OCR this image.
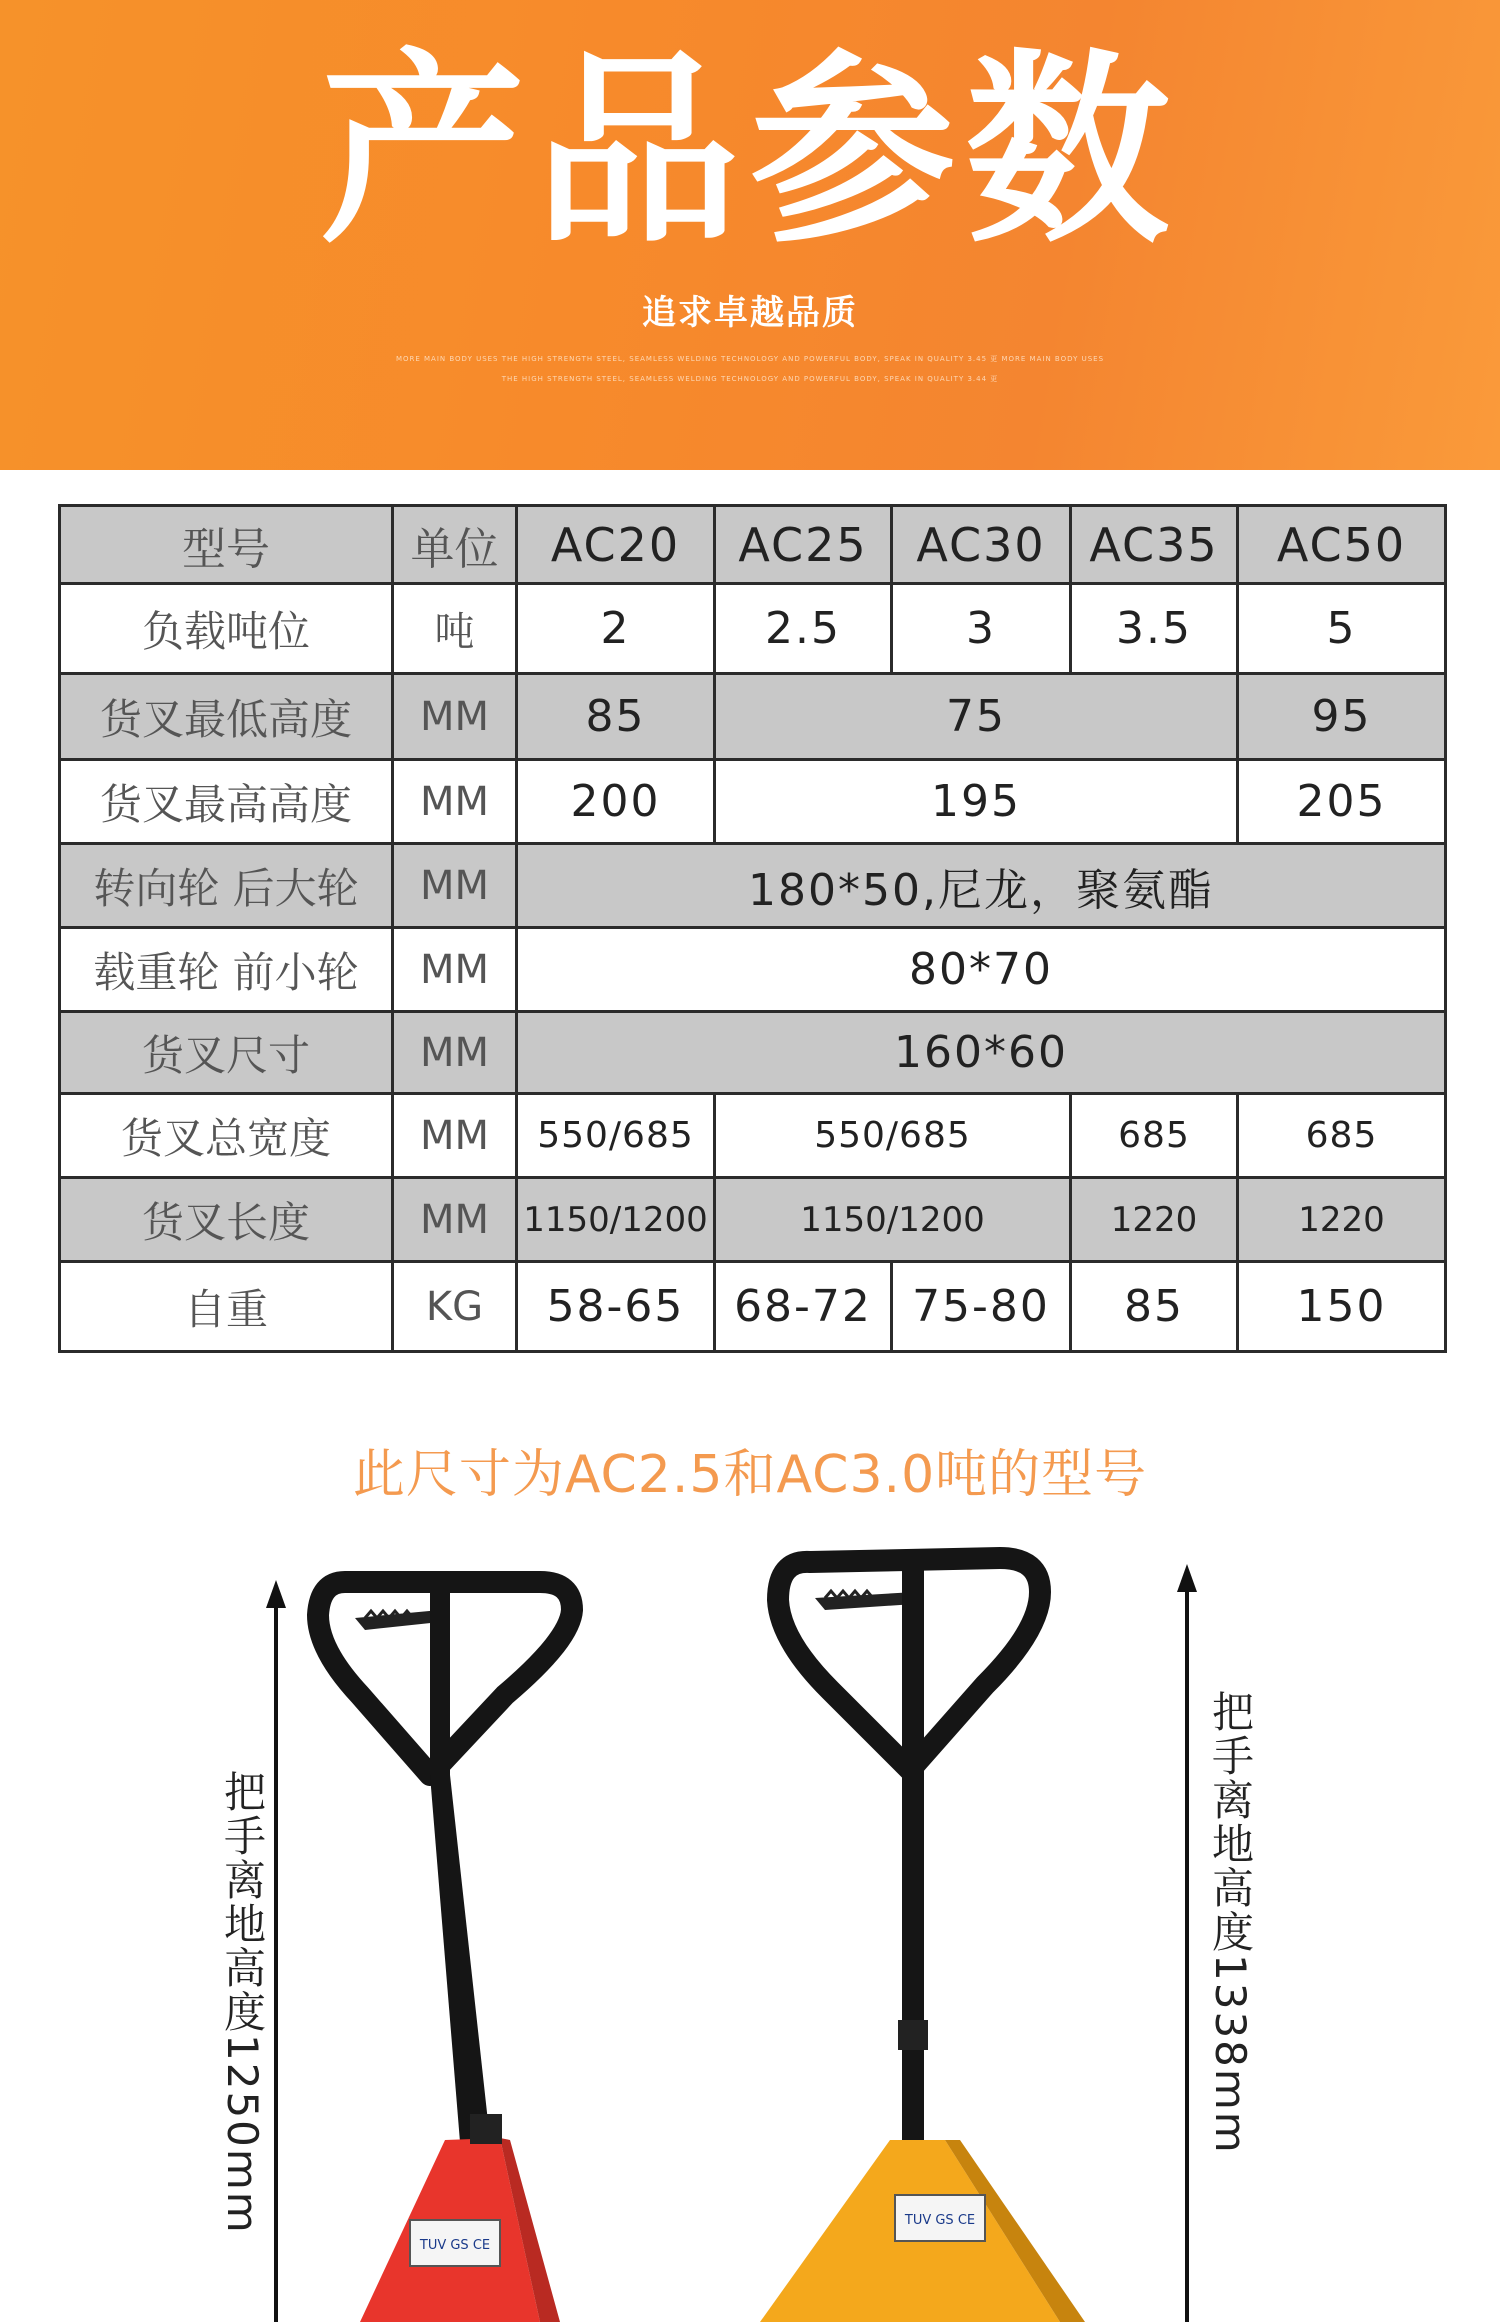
产品参数
追求卓越品质
MORE MAIN BODY USES THE HIGH STRENGTH STEEL, SEAMLESS WELDING TECHNOLOGY AND POWERFUL BODY, SPEAK IN QUALITY 3.45 更 MORE MAIN BODY USES
THE HIGH STRENGTH STEEL, SEAMLESS WELDING TECHNOLOGY AND POWERFUL BODY, SPEAK IN QUALITY 3.44 更
型号	单位	AC20	AC25	AC30	AC35	AC50
负载吨位	吨	2	2.5	3	3.5	5
货叉最低高度	MM	85	75			95
货叉最高高度	MM	200	195			205
转向轮 后大轮	MM	180*50,尼龙，聚氨酯				
载重轮 前小轮	MM	80*70				
货叉尺寸	MM	160*60				
货叉总宽度	MM	550/685	550/685		685	685
货叉长度	MM	1150/1200	1150/1200		1220	1220
自重	KG	58-65	68-72	75-80	85	150
此尺寸为AC2.5和AC3.0吨的型号
TUV GS CE
TUV GS CE
把手离地高度1250mm	把手离地高度1338mm
